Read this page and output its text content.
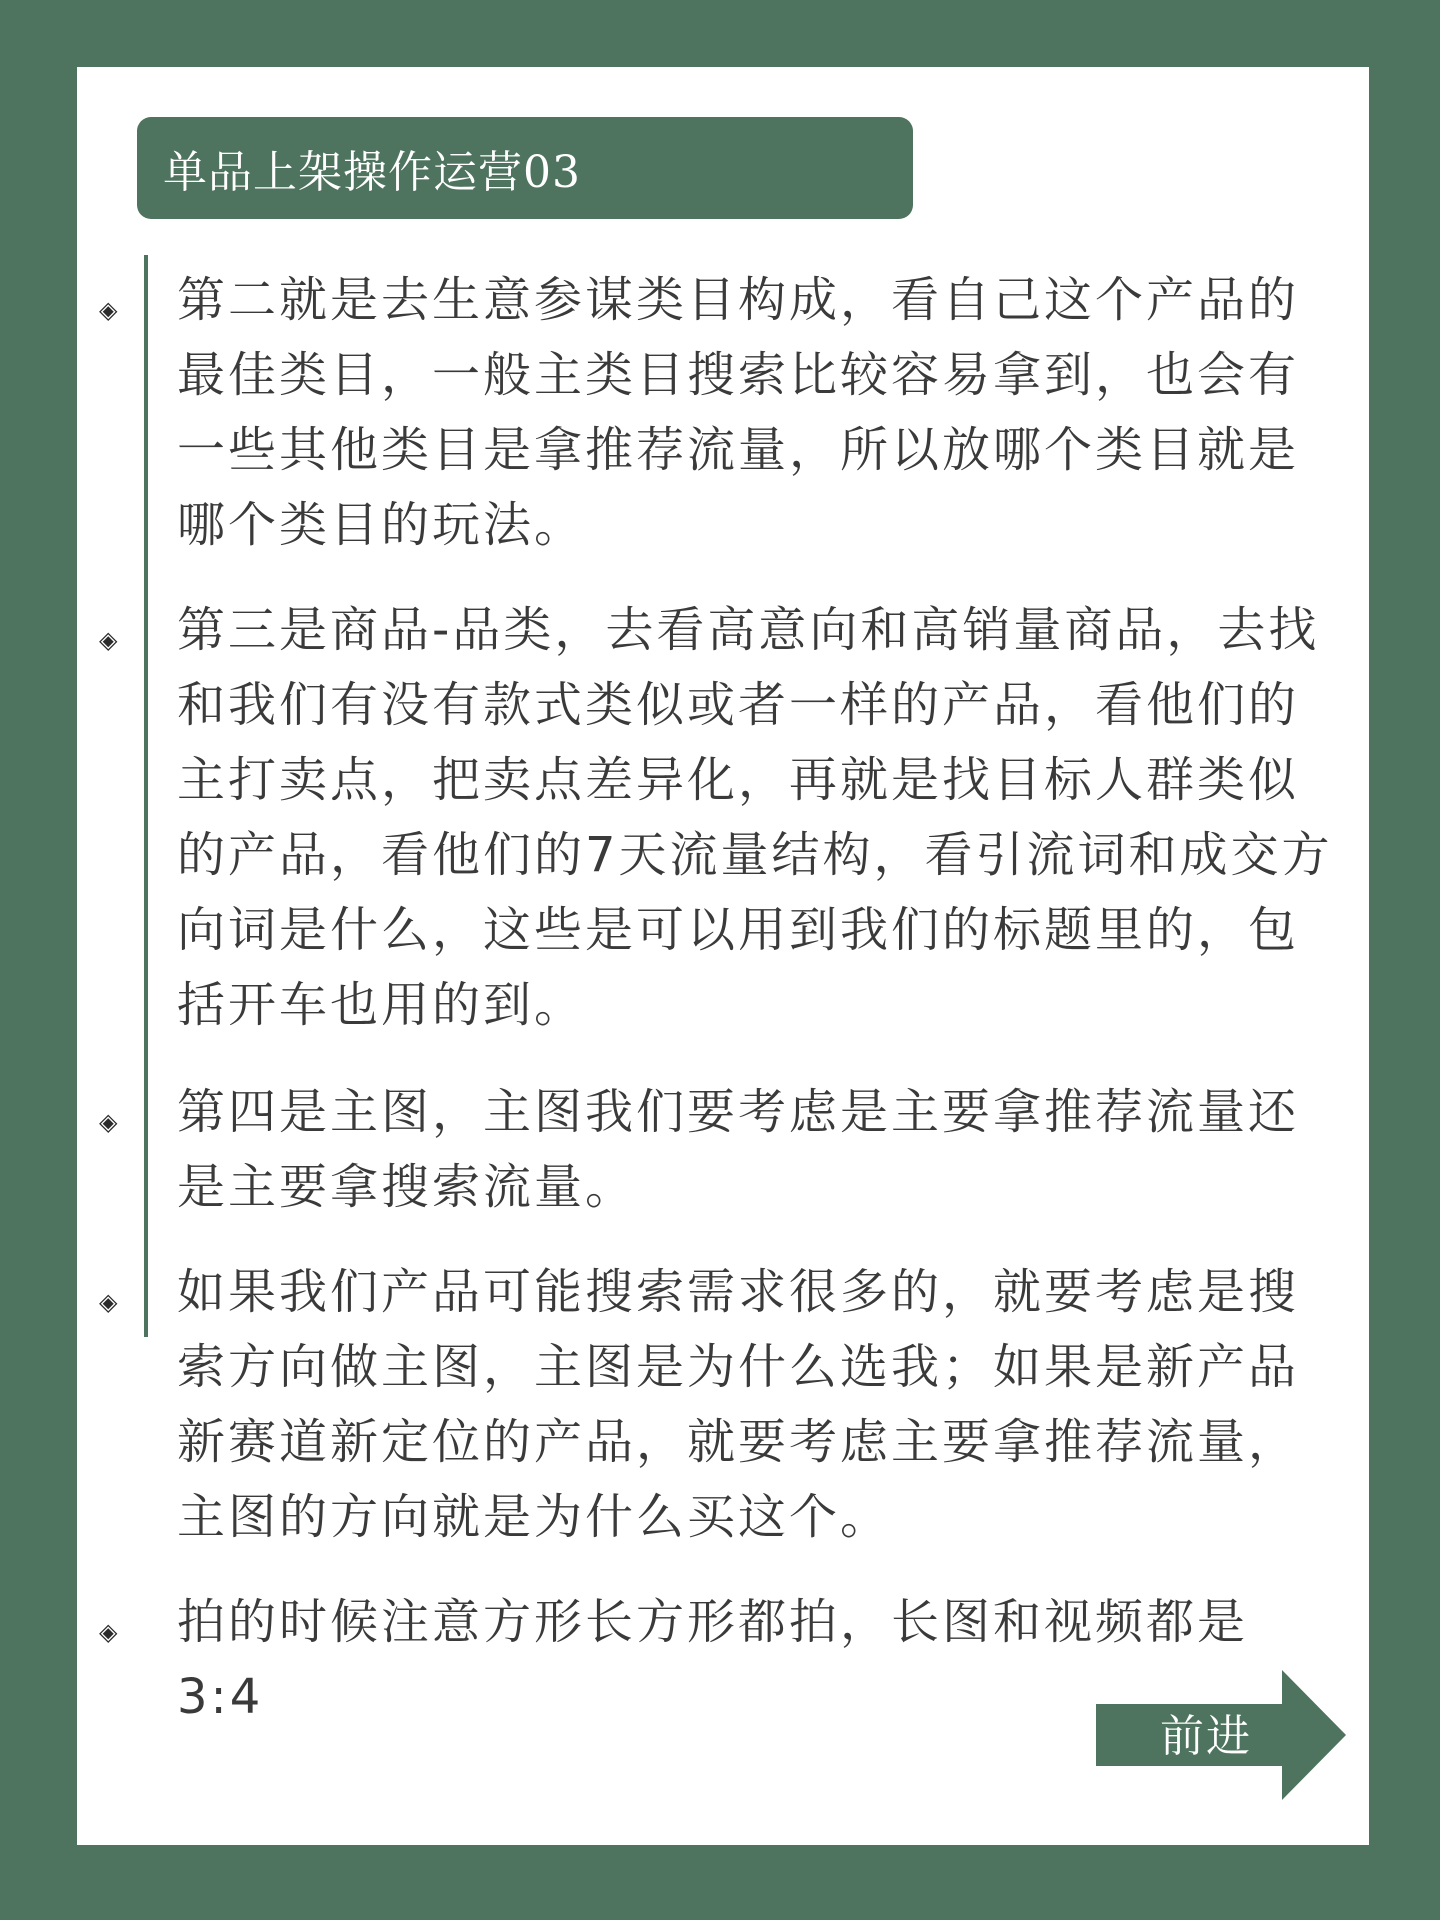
单品上架操作运营03
◈ 第二就是去生意参谋类目构成，看自己这个产品的最佳类目，一般主类目搜索比较容易拿到，也会有一些其他类目是拿推荐流量，所以放哪个类目就是哪个类目的玩法。

◈ 第三是商品-品类，去看高意向和高销量商品，去找和我们有没有款式类似或者一样的产品，看他们的主打卖点，把卖点差异化，再就是找目标人群类似的产品，看他们的7天流量结构，看引流词和成交方向词是什么，这些是可以用到我们的标题里的，包括开车也用的到。

◈ 第四是主图，主图我们要考虑是主要拿推荐流量还是主要拿搜索流量。

◈ 如果我们产品可能搜索需求很多的，就要考虑是搜索方向做主图，主图是为什么选我；如果是新产品新赛道新定位的产品，就要考虑主要拿推荐流量，主图的方向就是为什么买这个。

◈ 拍的时候注意方形长方形都拍，长图和视频都是3:4

前进
